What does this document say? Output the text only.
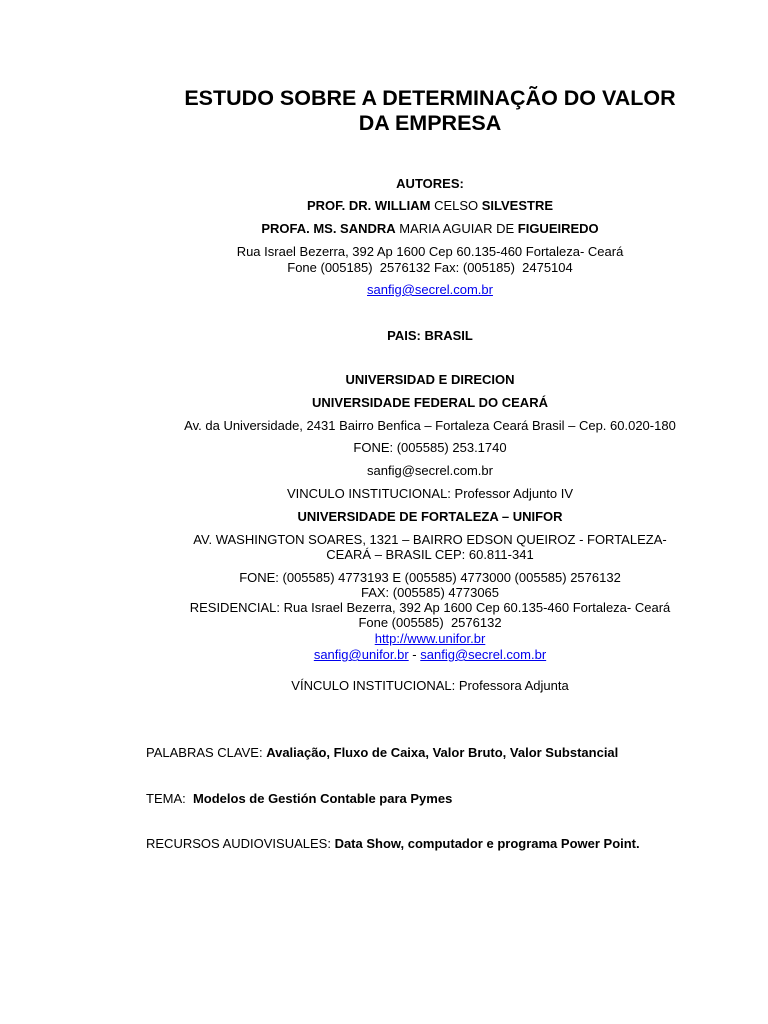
ESTUDO SOBRE A DETERMINAÇÃO DO VALOR
DA EMPRESA
AUTORES:
PROF. DR. WILLIAM CELSO SILVESTRE
PROFA. MS. SANDRA MARIA AGUIAR DE FIGUEIREDO
Rua Israel Bezerra, 392 Ap 1600 Cep 60.135-460 Fortaleza- Ceará
Fone (005185)  2576132 Fax: (005185)  2475104
sanfig@secrel.com.br
PAIS: BRASIL
UNIVERSIDAD E DIRECION
UNIVERSIDADE FEDERAL DO CEARÁ
Av. da Universidade, 2431 Bairro Benfica – Fortaleza Ceará Brasil – Cep. 60.020-180
FONE: (005585) 253.1740
sanfig@secrel.com.br
VINCULO INSTITUCIONAL: Professor Adjunto IV
UNIVERSIDADE DE FORTALEZA – UNIFOR
AV. WASHINGTON SOARES, 1321 – BAIRRO EDSON QUEIROZ - FORTALEZA-
CEARÁ – BRASIL CEP: 60.811-341
FONE: (005585) 4773193 E (005585) 4773000 (005585) 2576132
FAX: (005585) 4773065
RESIDENCIAL: Rua Israel Bezerra, 392 Ap 1600 Cep 60.135-460 Fortaleza- Ceará
Fone (005585)  2576132
http://www.unifor.br
sanfig@unifor.br - sanfig@secrel.com.br
VÍNCULO INSTITUCIONAL: Professora Adjunta
PALABRAS CLAVE: Avaliação, Fluxo de Caixa, Valor Bruto, Valor Substancial
TEMA:  Modelos de Gestión Contable para Pymes
RECURSOS AUDIOVISUALES: Data Show, computador e programa Power Point.
